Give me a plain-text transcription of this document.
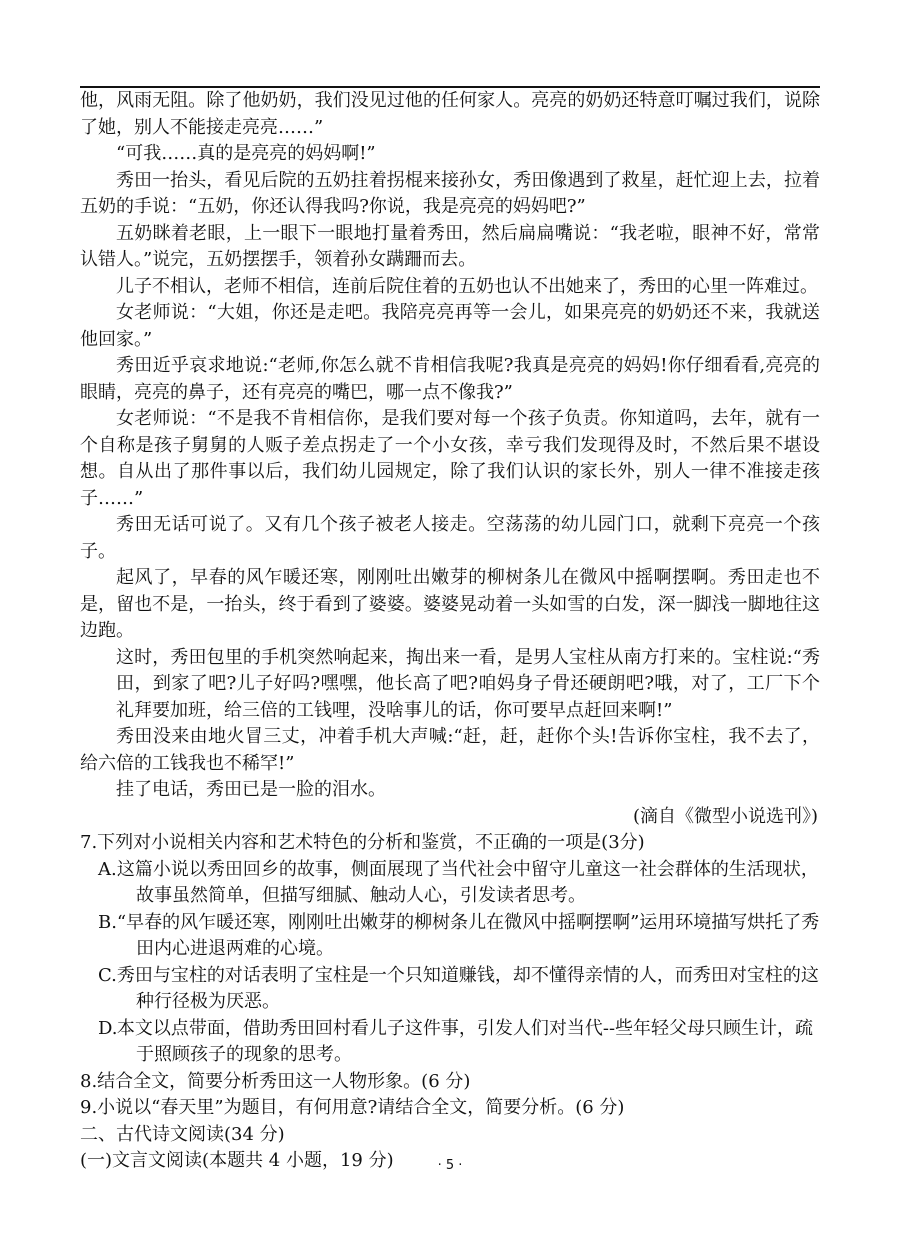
他，风雨无阻。除了他奶奶，我们没见过他的任何家人。亮亮的奶奶还特意叮嘱过我们，说除了她，别人不能接走亮亮……”

“可我……真的是亮亮的妈妈啊!”

秀田一抬头，看见后院的五奶拄着拐棍来接孙女，秀田像遇到了救星，赶忙迎上去，拉着五奶的手说：“五奶，你还认得我吗?你说，我是亮亮的妈妈吧?”

五奶眯着老眼，上一眼下一眼地打量着秀田，然后扁扁嘴说：“我老啦，眼神不好，常常认错人。”说完，五奶摆摆手，领着孙女蹒跚而去。

儿子不相认，老师不相信，连前后院住着的五奶也认不出她来了，秀田的心里一阵难过。

女老师说：“大姐，你还是走吧。我陪亮亮再等一会儿，如果亮亮的奶奶还不来，我就送他回家。”

秀田近乎哀求地说:“老师,你怎么就不肯相信我呢?我真是亮亮的妈妈!你仔细看看,亮亮的眼睛，亮亮的鼻子，还有亮亮的嘴巴，哪一点不像我?”

女老师说：“不是我不肯相信你，是我们要对每一个孩子负责。你知道吗，去年，就有一个自称是孩子舅舅的人贩子差点拐走了一个小女孩，幸亏我们发现得及时，不然后果不堪设想。自从出了那件事以后，我们幼儿园规定，除了我们认识的家长外，别人一律不准接走孩子……”

秀田无话可说了。又有几个孩子被老人接走。空荡荡的幼儿园门口，就剩下亮亮一个孩子。

起风了，早春的风乍暖还寒，刚刚吐出嫩芽的柳树条儿在微风中摇啊摆啊。秀田走也不是，留也不是，一抬头，终于看到了婆婆。婆婆晃动着一头如雪的白发，深一脚浅一脚地往这边跑。

这时，秀田包里的手机突然响起来，掏出来一看，是男人宝柱从南方打来的。宝柱说:“秀田，到家了吧?儿子好吗?嘿嘿，他长高了吧?咱妈身子骨还硬朗吧?哦，对了，工厂下个礼拜要加班，给三倍的工钱哩，没啥事儿的话，你可要早点赶回来啊!”

秀田没来由地火冒三丈，冲着手机大声喊:“赶，赶，赶你个头!告诉你宝柱，我不去了，给六倍的工钱我也不稀罕!”

挂了电话，秀田已是一脸的泪水。

(滴自《微型小说选刊》)

7.下列对小说相关内容和艺术特色的分析和鉴赏，不正确的一项是(3分)

A.这篇小说以秀田回乡的故事，侧面展现了当代社会中留守儿童这一社会群体的生活现状，故事虽然简单，但描写细腻、触动人心，引发读者思考。

B.“早春的风乍暖还寒，刚刚吐出嫩芽的柳树条儿在微风中摇啊摆啊”运用环境描写烘托了秀田内心进退两难的心境。

C.秀田与宝柱的对话表明了宝柱是一个只知道赚钱，却不懂得亲情的人，而秀田对宝柱的这种行径极为厌恶。

D.本文以点带面，借助秀田回村看儿子这件事，引发人们对当代--些年轻父母只顾生计，疏于照顾孩子的现象的思考。

8.结合全文，简要分析秀田这一人物形象。(6 分)

9.小说以“春天里”为题目，有何用意?请结合全文，简要分析。(6 分)

二、古代诗文阅读(34 分)

(一)文言文阅读(本题共 4 小题，19 分)	· 5 ·
